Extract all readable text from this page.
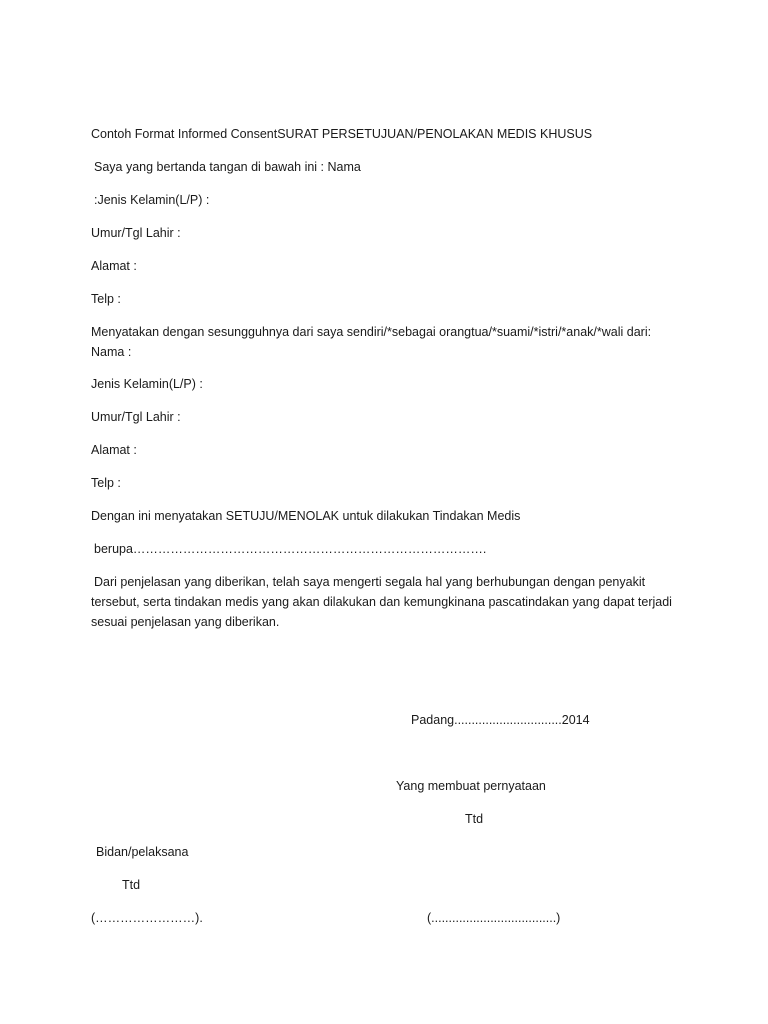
Contoh Format Informed ConsentSURAT PERSETUJUAN/PENOLAKAN MEDIS KHUSUS
Saya yang bertanda tangan di bawah ini : Nama
:Jenis Kelamin(L/P) :
Umur/Tgl Lahir :
Alamat :
Telp :
Menyatakan dengan sesungguhnya dari saya sendiri/*sebagai orangtua/*suami/*istri/*anak/*wali dari: Nama :
Jenis Kelamin(L/P) :
Umur/Tgl Lahir :
Alamat :
Telp :
Dengan ini menyatakan SETUJU/MENOLAK untuk dilakukan Tindakan Medis
berupa………………………………………………………………………….
Dari penjelasan yang diberikan, telah saya mengerti segala hal yang berhubungan dengan penyakit tersebut, serta tindakan medis yang akan dilakukan dan kemungkinana pascatindakan yang dapat terjadi sesuai penjelasan yang diberikan.
Padang...............................2014
Yang membuat pernyataan
Ttd
Bidan/pelaksana
Ttd
(……………………).	(....................................)
